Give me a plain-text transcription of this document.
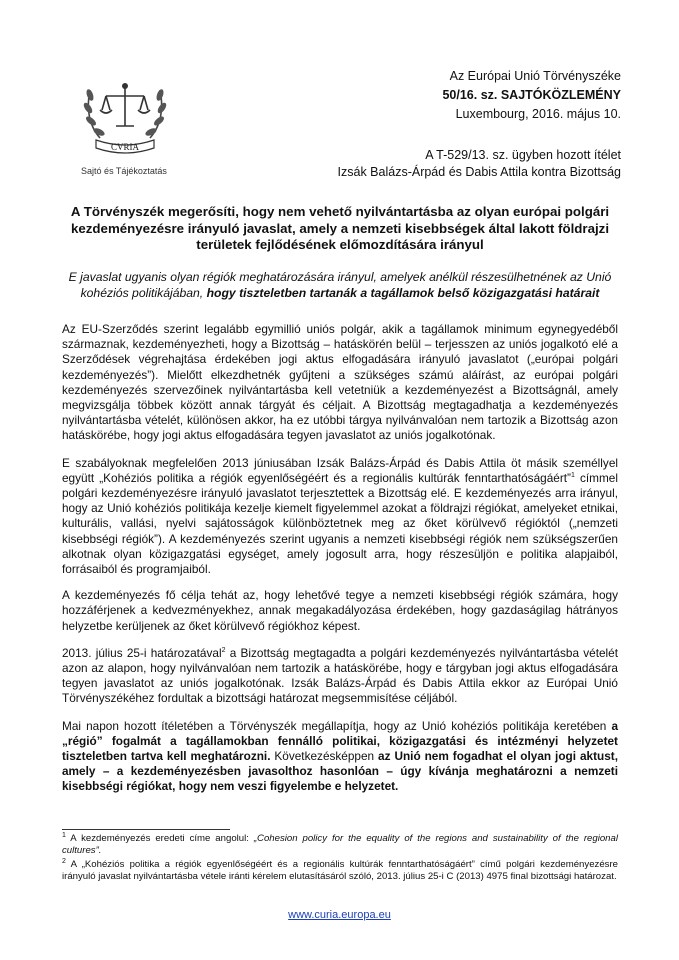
CVRIA
Sajtó és Tájékoztatás
Az Európai Unió Törvényszéke
50/16. sz. SAJTÓKÖZLEMÉNY
Luxembourg, 2016. május 10.
A T-529/13. sz. ügyben hozott ítélet
Izsák Balázs-Árpád és Dabis Attila kontra Bizottság
A Törvényszék megerősíti, hogy nem vehető nyilvántartásba az olyan európai polgári kezdeményezésre irányuló javaslat, amely a nemzeti kisebbségek által lakott földrajzi területek fejlődésének előmozdítására irányul
E javaslat ugyanis olyan régiók meghatározására irányul, amelyek anélkül részesülhetnének az Unió kohéziós politikájában, hogy tiszteletben tartanák a tagállamok belső közigazgatási határait

Az EU-Szerződés szerint legalább egymillió uniós polgár, akik a tagállamok minimum egynegyedéből származnak, kezdeményezheti, hogy a Bizottság – hatáskörén belül – terjesszen az uniós jogalkotó elé a Szerződések végrehajtása érdekében jogi aktus elfogadására irányuló javaslatot („európai polgári kezdeményezés”). Mielőtt elkezdhetnék gyűjteni a szükséges számú aláírást, az európai polgári kezdeményezés szervezőinek nyilvántartásba kell vetetniük a kezdeményezést a Bizottságnál, amely megvizsgálja többek között annak tárgyát és céljait. A Bizottság megtagadhatja a kezdeményezés nyilvántartásba vételét, különösen akkor, ha ez utóbbi tárgya nyilvánvalóan nem tartozik a Bizottság azon hatáskörébe, hogy jogi aktus elfogadására tegyen javaslatot az uniós jogalkotónak.

E szabályoknak megfelelően 2013 júniusában Izsák Balázs-Árpád és Dabis Attila öt másik személlyel együtt „Kohéziós politika a régiók egyenlőségéért és a regionális kultúrák fenntarthatóságáért”$^1$ címmel polgári kezdeményezésre irányuló javaslatot terjesztettek a Bizottság elé. E kezdeményezés arra irányul, hogy az Unió kohéziós politikája kezelje kiemelt figyelemmel azokat a földrajzi régiókat, amelyeket etnikai, kulturális, vallási, nyelvi sajátosságok különböztetnek meg az őket körülvevő régióktól („nemzeti kisebbségi régiók”). A kezdeményezés szerint ugyanis a nemzeti kisebbségi régiók nem szükségszerűen alkotnak olyan közigazgatási egységet, amely jogosult arra, hogy részesüljön e politika alapjaiból, forrásaiból és programjaiból.

A kezdeményezés fő célja tehát az, hogy lehetővé tegye a nemzeti kisebbségi régiók számára, hogy hozzáférjenek a kedvezményekhez, annak megakadályozása érdekében, hogy gazdaságilag hátrányos helyzetbe kerüljenek az őket körülvevő régiókhoz képest.

2013. július 25-i határozatával$^2$ a Bizottság megtagadta a polgári kezdeményezés nyilvántartásba vételét azon az alapon, hogy nyilvánvalóan nem tartozik a hatáskörébe, hogy e tárgyban jogi aktus elfogadására tegyen javaslatot az uniós jogalkotónak. Izsák Balázs-Árpád és Dabis Attila ekkor az Európai Unió Törvényszékéhez fordultak a bizottsági határozat megsemmisítése céljából.

Mai napon hozott ítéletében a Törvényszék megállapítja, hogy az Unió kohéziós politikája keretében a „régió” fogalmát a tagállamokban fennálló politikai, közigazgatási és intézményi helyzetet tiszteletben tartva kell meghatározni. Következésképpen az Unió nem fogadhat el olyan jogi aktust, amely – a kezdeményezésben javasolthoz hasonlóan – úgy kívánja meghatározni a nemzeti kisebbségi régiókat, hogy nem veszi figyelembe e helyzetet.

$^1$ A kezdeményezés eredeti címe angolul: „Cohesion policy for the equality of the regions and sustainability of the regional cultures”.

$^2$ A „Kohéziós politika a régiók egyenlőségéért és a regionális kultúrák fenntarthatóságáért” című polgári kezdeményezésre irányuló javaslat nyilvántartásba vétele iránti kérelem elutasításáról szóló, 2013. július 25-i C (2013) 4975 final bizottsági határozat.

www.curia.europa.eu
